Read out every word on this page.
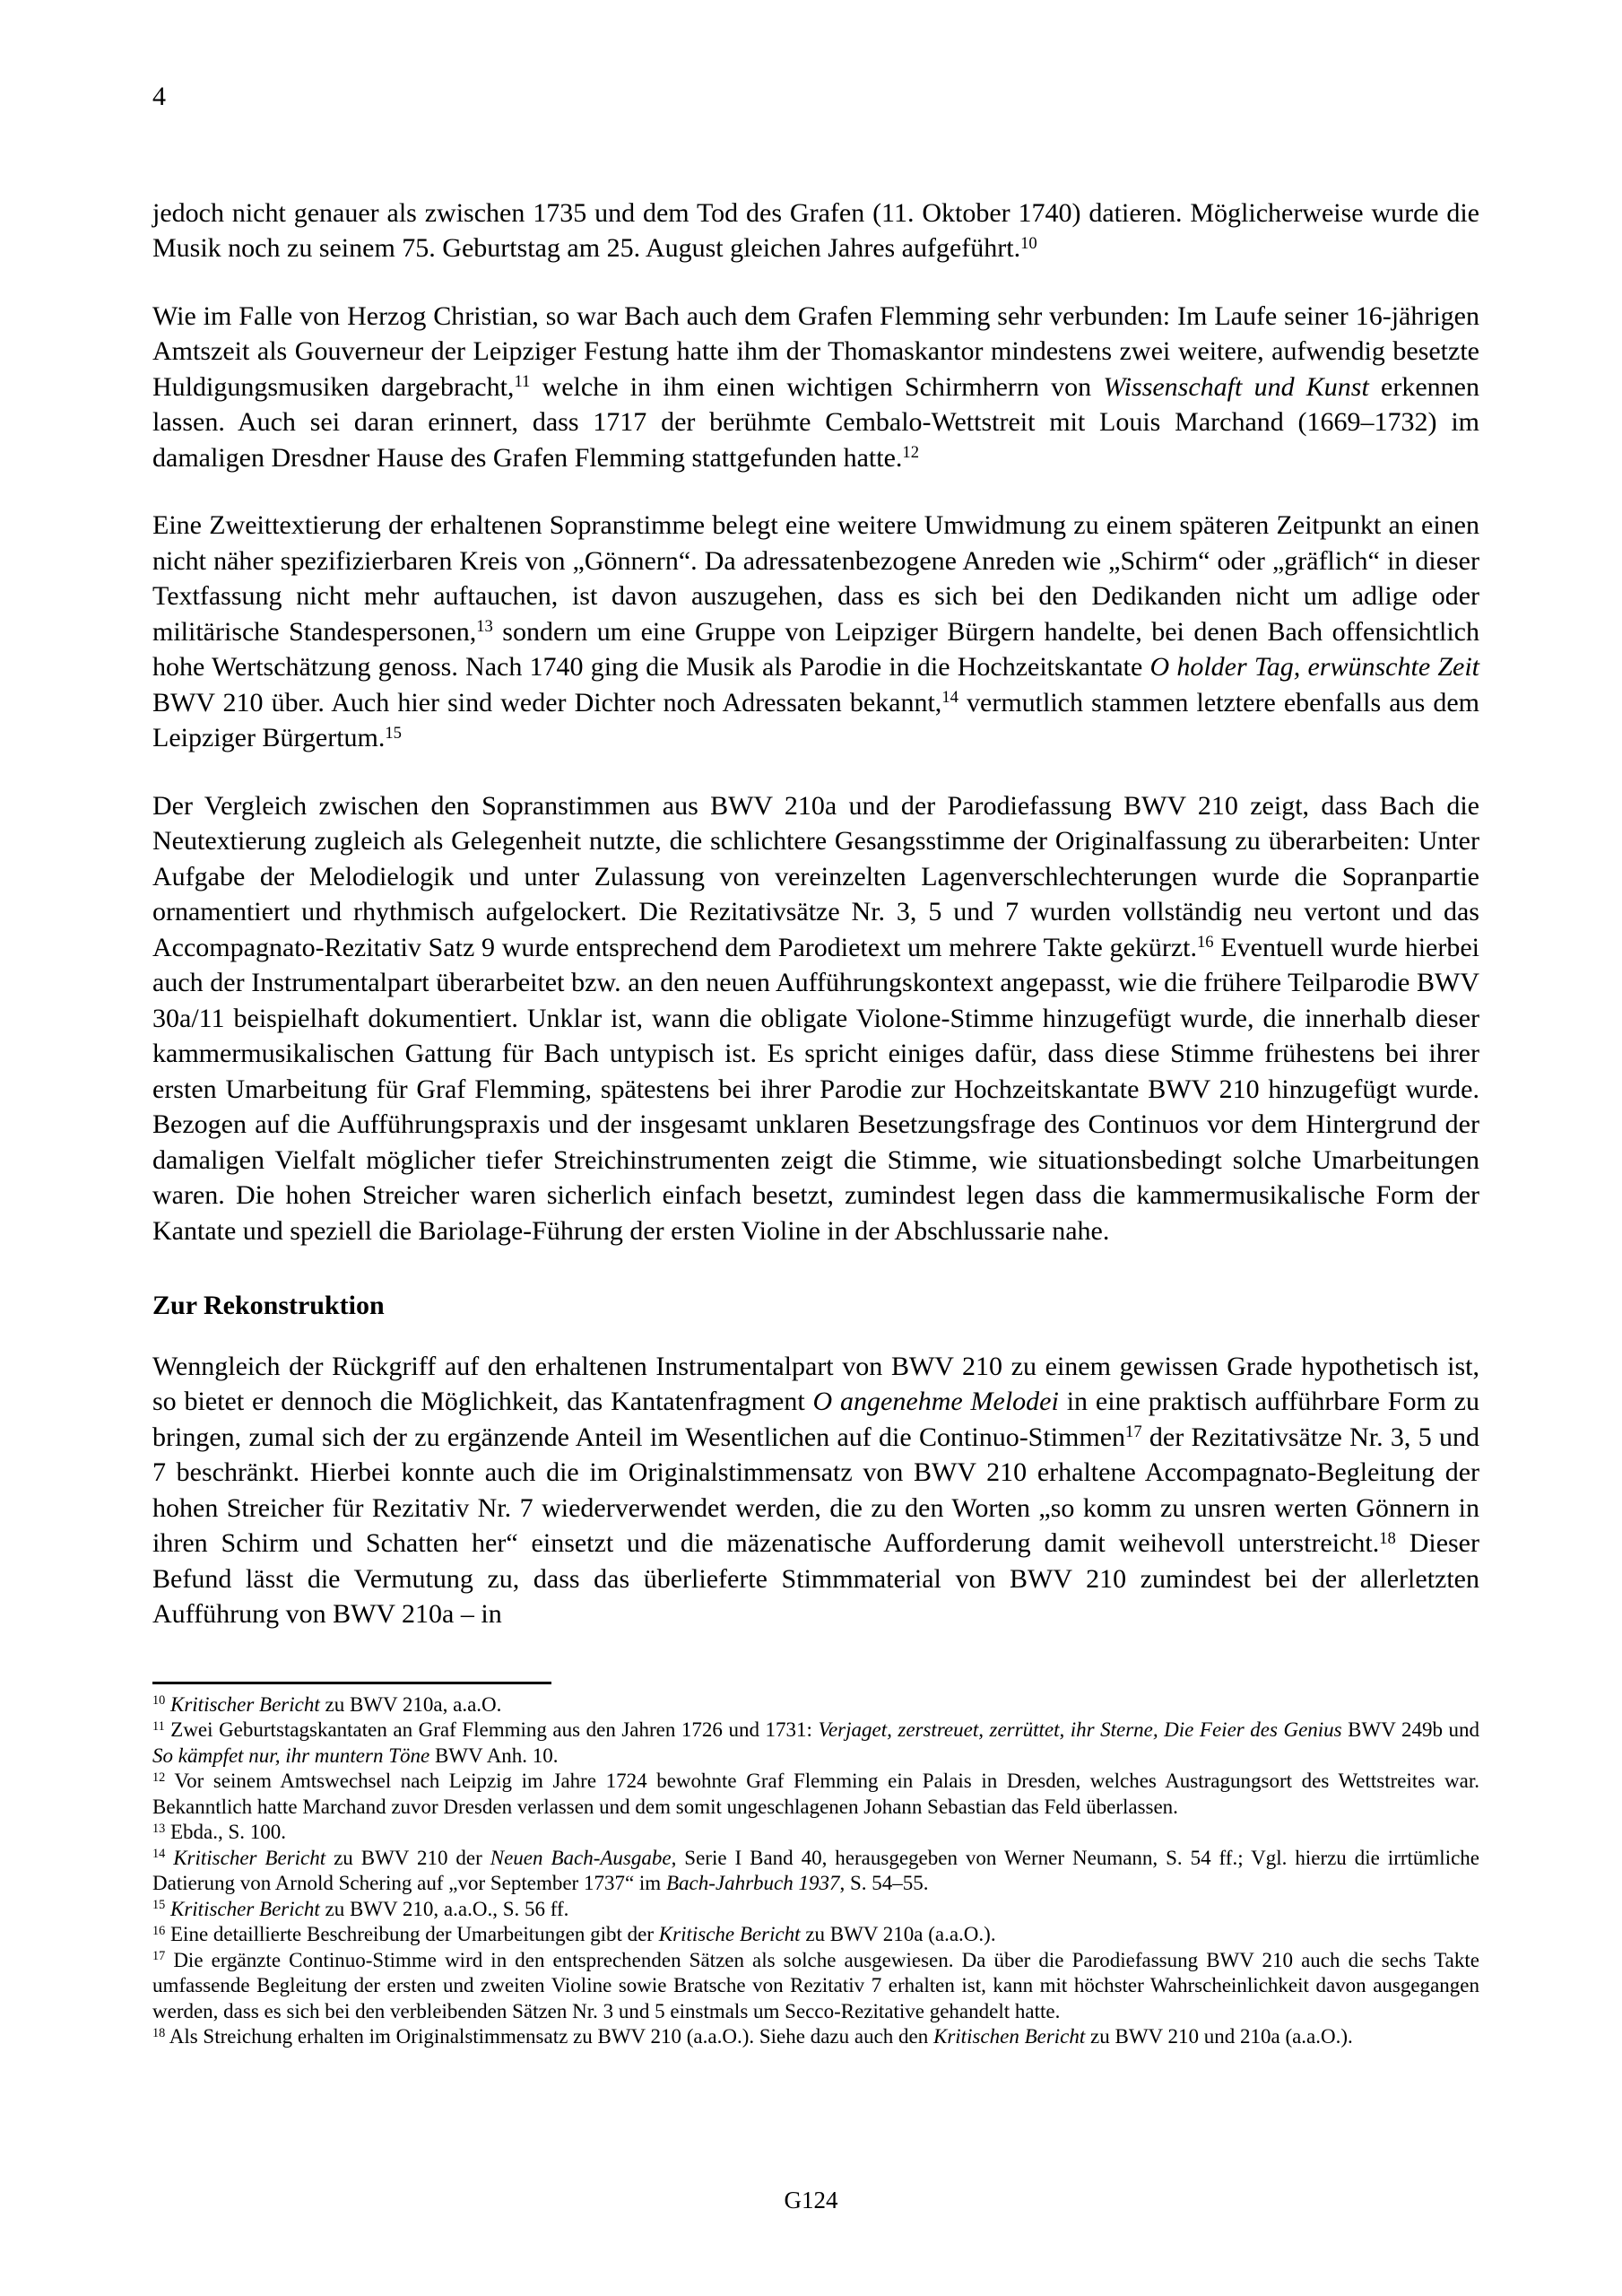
4

jedoch nicht genauer als zwischen 1735 und dem Tod des Grafen (11. Oktober 1740) datieren. Möglicherweise wurde die Musik noch zu seinem 75. Geburtstag am 25. August gleichen Jahres aufgeführt.$^{10}$

Wie im Falle von Herzog Christian, so war Bach auch dem Grafen Flemming sehr verbunden: Im Laufe seiner 16-jährigen Amtszeit als Gouverneur der Leipziger Festung hatte ihm der Thomaskantor mindestens zwei weitere, aufwendig besetzte Huldigungsmusiken dargebracht,$^{11}$ welche in ihm einen wichtigen Schirmherrn von Wissenschaft und Kunst erkennen lassen. Auch sei daran erinnert, dass 1717 der berühmte Cembalo-Wettstreit mit Louis Marchand (1669–1732) im damaligen Dresdner Hause des Grafen Flemming stattgefunden hatte.$^{12}$

Eine Zweittextierung der erhaltenen Sopranstimme belegt eine weitere Umwidmung zu einem späteren Zeitpunkt an einen nicht näher spezifizierbaren Kreis von „Gönnern“. Da adressatenbezogene Anreden wie „Schirm“ oder „gräflich“ in dieser Textfassung nicht mehr auftauchen, ist davon auszugehen, dass es sich bei den Dedikanden nicht um adlige oder militärische Standespersonen,$^{13}$ sondern um eine Gruppe von Leipziger Bürgern handelte, bei denen Bach offensichtlich hohe Wertschätzung genoss. Nach 1740 ging die Musik als Parodie in die Hochzeitskantate O holder Tag, erwünschte Zeit BWV 210 über. Auch hier sind weder Dichter noch Adressaten bekannt,$^{14}$ vermutlich stammen letztere ebenfalls aus dem Leipziger Bürgertum.$^{15}$

Der Vergleich zwischen den Sopranstimmen aus BWV 210a und der Parodiefassung BWV 210 zeigt, dass Bach die Neutextierung zugleich als Gelegenheit nutzte, die schlichtere Gesangsstimme der Originalfassung zu überarbeiten: Unter Aufgabe der Melodielogik und unter Zulassung von vereinzelten Lagenverschlechterungen wurde die Sopranpartie ornamentiert und rhythmisch aufgelockert. Die Rezitativsätze Nr. 3, 5 und 7 wurden vollständig neu vertont und das Accompagnato-Rezitativ Satz 9 wurde entsprechend dem Parodietext um mehrere Takte gekürzt.$^{16}$ Eventuell wurde hierbei auch der Instrumentalpart überarbeitet bzw. an den neuen Aufführungskontext angepasst, wie die frühere Teilparodie BWV 30a/11 beispielhaft dokumentiert. Unklar ist, wann die obligate Violone-Stimme hinzugefügt wurde, die innerhalb dieser kammermusikalischen Gattung für Bach untypisch ist. Es spricht einiges dafür, dass diese Stimme frühestens bei ihrer ersten Umarbeitung für Graf Flemming, spätestens bei ihrer Parodie zur Hochzeitskantate BWV 210 hinzugefügt wurde. Bezogen auf die Aufführungspraxis und der insgesamt unklaren Besetzungsfrage des Continuos vor dem Hintergrund der damaligen Vielfalt möglicher tiefer Streichinstrumenten zeigt die Stimme, wie situationsbedingt solche Umarbeitungen waren. Die hohen Streicher waren sicherlich einfach besetzt, zumindest legen dass die kammermusikalische Form der Kantate und speziell die Bariolage-Führung der ersten Violine in der Abschlussarie nahe.

Zur Rekonstruktion

Wenngleich der Rückgriff auf den erhaltenen Instrumentalpart von BWV 210 zu einem gewissen Grade hypothetisch ist, so bietet er dennoch die Möglichkeit, das Kantatenfragment O angenehme Melodei in eine praktisch aufführbare Form zu bringen, zumal sich der zu ergänzende Anteil im Wesentlichen auf die Continuo-Stimmen$^{17}$ der Rezitativsätze Nr. 3, 5 und 7 beschränkt. Hierbei konnte auch die im Originalstimmensatz von BWV 210 erhaltene Accompagnato-Begleitung der hohen Streicher für Rezitativ Nr. 7 wiederverwendet werden, die zu den Worten „so komm zu unsren werten Gönnern in ihren Schirm und Schatten her“ einsetzt und die mäzenatische Aufforderung damit weihevoll unterstreicht.$^{18}$ Dieser Befund lässt die Vermutung zu, dass das überlieferte Stimmmaterial von BWV 210 zumindest bei der allerletzten Aufführung von BWV 210a – in

$^{10}$ Kritischer Bericht zu BWV 210a, a.a.O.

$^{11}$ Zwei Geburtstagskantaten an Graf Flemming aus den Jahren 1726 und 1731: Verjaget, zerstreuet, zerrüttet, ihr Sterne, Die Feier des Genius BWV 249b und So kämpfet nur, ihr muntern Töne BWV Anh. 10.

$^{12}$ Vor seinem Amtswechsel nach Leipzig im Jahre 1724 bewohnte Graf Flemming ein Palais in Dresden, welches Austragungsort des Wettstreites war. Bekanntlich hatte Marchand zuvor Dresden verlassen und dem somit ungeschlagenen Johann Sebastian das Feld überlassen.

$^{13}$ Ebda., S. 100.

$^{14}$ Kritischer Bericht zu BWV 210 der Neuen Bach-Ausgabe, Serie I Band 40, herausgegeben von Werner Neumann, S. 54 ff.; Vgl. hierzu die irrtümliche Datierung von Arnold Schering auf „vor September 1737“ im Bach-Jahrbuch 1937, S. 54–55.

$^{15}$ Kritischer Bericht zu BWV 210, a.a.O., S. 56 ff.

$^{16}$ Eine detaillierte Beschreibung der Umarbeitungen gibt der Kritische Bericht zu BWV 210a (a.a.O.).

$^{17}$ Die ergänzte Continuo-Stimme wird in den entsprechenden Sätzen als solche ausgewiesen. Da über die Parodiefassung BWV 210 auch die sechs Takte umfassende Begleitung der ersten und zweiten Violine sowie Bratsche von Rezitativ 7 erhalten ist, kann mit höchster Wahrscheinlichkeit davon ausgegangen werden, dass es sich bei den verbleibenden Sätzen Nr. 3 und 5 einstmals um Secco-Rezitative gehandelt hatte.

$^{18}$ Als Streichung erhalten im Originalstimmensatz zu BWV 210 (a.a.O.). Siehe dazu auch den Kritischen Bericht zu BWV 210 und 210a (a.a.O.).

G124
